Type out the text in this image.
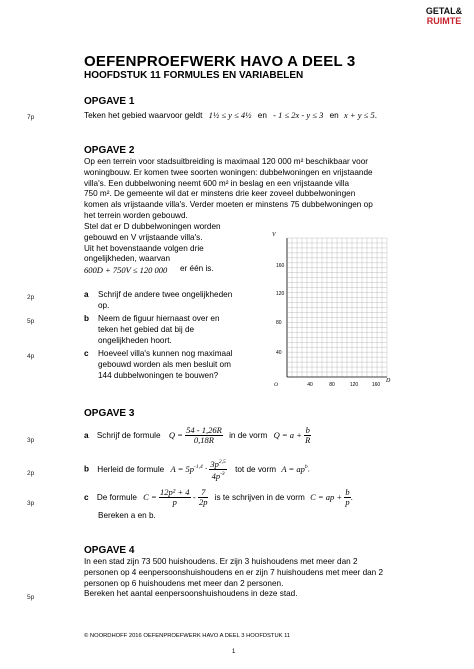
GETAL&
RUIMTE
OEFENPROEFWERK HAVO A DEEL 3
HOOFDSTUK 11 FORMULES EN VARIABELEN
OPGAVE 1
7p	Teken het gebied waarvoor geldt 1½ ≤ y ≤ 4½ en - 1 ≤ 2x - y ≤ 3 en x + y ≤ 5.
OPGAVE 2
Op een terrein voor stadsuitbreiding is maximaal 120 000 m² beschikbaar voor
woningbouw. Er komen twee soorten woningen: dubbelwoningen en vrijstaande
villa's. Een dubbelwoning neemt 600 m² in beslag en een vrijstaande villa
750 m². De gemeente wil dat er minstens drie keer zoveel dubbelwoningen
komen als vrijstaande villa's. Verder moeten er minstens 75 dubbelwoningen op
het terrein worden gebouwd.
Stel dat er D dubbelwoningen worden
gebouwd en V vrijstaande villa's.
Uit het bovenstaande volgen drie
ongelijkheden, waarvan
600D + 750V ≤ 120 000	er één is.
2p	a Schrijf de andere twee ongelijkheden
op.
5p	b Neem de figuur hiernaast over en
teken het gebied dat bij de
ongelijkheden hoort.
4p	c Hoeveel villa's kunnen nog maximaal
gebouwd worden als men besluit om
144 dubbelwoningen te bouwen?
V
D
O	40	80	120	160
40
80
120
160
OPGAVE 3
3p
a Schrijf de formule $Q = \frac{54 - 1,26R}{0,18R}$ in de vorm $Q = a + \frac{b}{R}$
2p	b Herleid de formule $A = 5p^{-1,4} \cdot \frac{3p^{2,5}}{4p^{-3}}$ tot de vorm $A = ap^b$.
3p
c De formule $C = \frac{\text{12p² + 4}}{p} - \frac{7}{2p}$ is te schrijven in de vorm C = ap + $\frac{b}{p}$ .
Bereken a en b.
OPGAVE 4
In een stad zijn 73 500 huishoudens. Er zijn 3 huishoudens met meer dan 2
personen op 4 eenpersoonshuishoudens en er zijn 7 huishoudens met meer dan 2
personen op 6 huishoudens met meer dan 2 personen.
Bereken het aantal eenpersoonshuishoudens in deze stad.
5p
© NOORDHOFF 2016 OEFENPROEFWERK HAVO A DEEL 3 HOOFDSTUK 11
1
